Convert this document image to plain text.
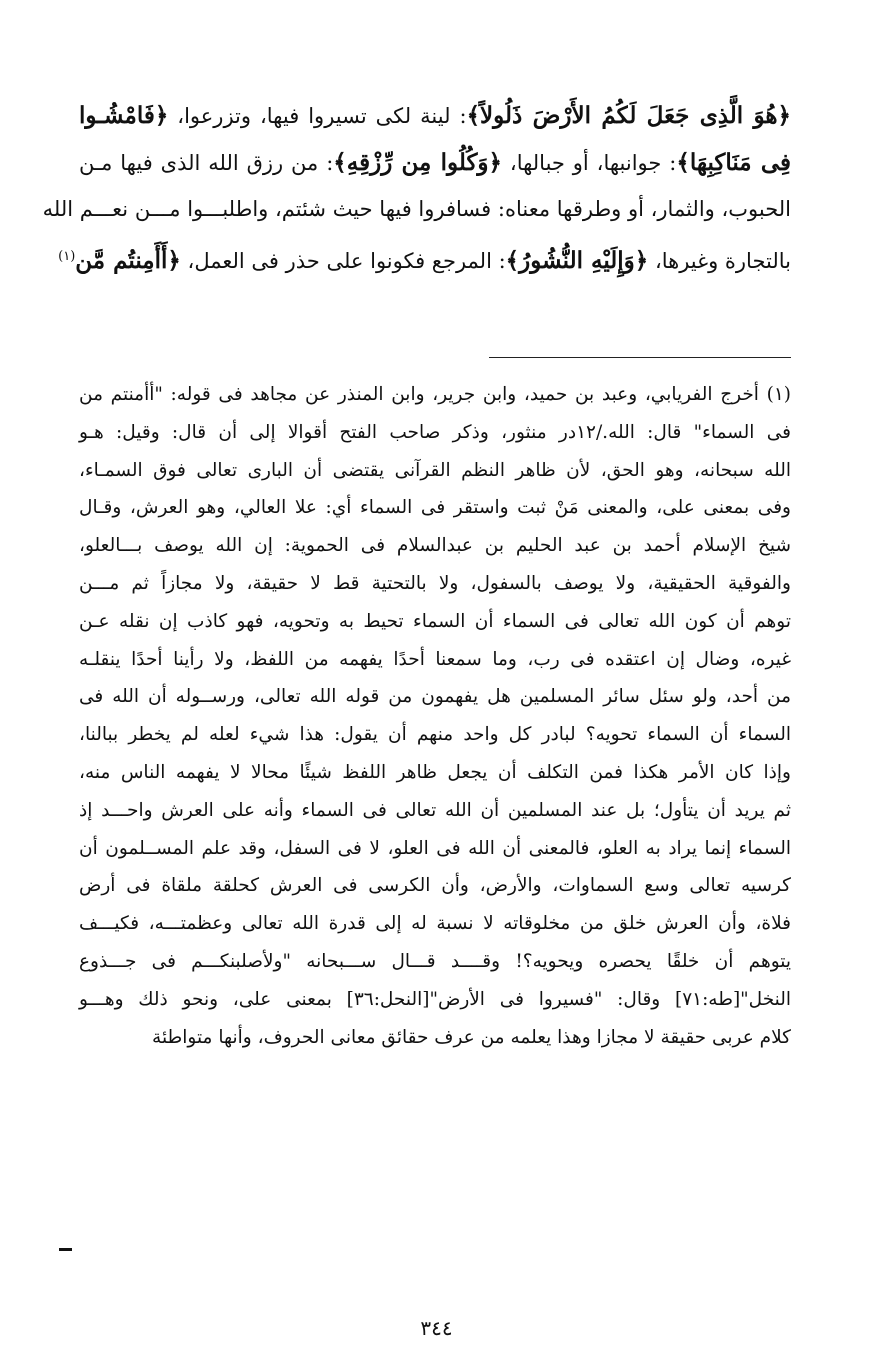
﴿هُوَ الَّذِى جَعَلَ لَكُمُ الأَرْضَ ذَلُولاً﴾: لينة لكى تسيروا فيها، وتزرعوا، ﴿فَامْشُـوا
فِى مَنَاكِبِهَا﴾: جوانبها، أو جبالها، ﴿وَكُلُوا مِن رِّزْقِهِ﴾: من رزق الله الذى فيها مـن
الحبوب، والثمار، أو وطرقها معناه: فسافروا فيها حيث شئتم، واطلبـــوا مـــن نعـــم الله
بالتجارة وغيرها، ﴿وَإِلَيْهِ النُّشُورُ﴾: المرجع فكونوا على حذر فى العمل، ﴿أَأَمِنتُم مَّن$^{(١)}$
(١) أخرج الفريابي، وعبد بن حميد، وابن جرير، وابن المنذر عن مجاهد فى قوله: "أأمنتم من
فى السماء" قال: الله./١٢در منثور، وذكر صاحب الفتح أقوالا إلى أن قال: وقيل: هـو
الله سبحانه، وهو الحق، لأن ظاهر النظم القرآنى يقتضى أن البارى تعالى فوق السمـاء،
وفى بمعنى على، والمعنى مَنْ ثبت واستقر فى السماء أي: علا العالي، وهو العرش، وقـال
شيخ الإسلام أحمد بن عبد الحليم بن عبدالسلام فى الحموية: إن الله يوصف بـــالعلو،
والفوقية الحقيقية، ولا يوصف بالسفول، ولا بالتحتية قط لا حقيقة، ولا مجازاً ثم مـــن
توهم أن كون الله تعالى فى السماء أن السماء تحيط به وتحويه، فهو كاذب إن نقله عـن
غيره، وضال إن اعتقده فى رب، وما سمعنا أحدًا يفهمه من اللفظ، ولا رأينا أحدًا ينقلـه
من أحد، ولو سئل سائر المسلمين هل يفهمون من قوله الله تعالى، ورســوله أن الله فى
السماء أن السماء تحويه؟ لبادر كل واحد منهم أن يقول: هذا شيء لعله لم يخطر ببالنا،
وإذا كان الأمر هكذا فمن التكلف أن يجعل ظاهر اللفظ شيئًا محالا لا يفهمه الناس منه،
ثم يريد أن يتأول؛ بل عند المسلمين أن الله تعالى فى السماء وأنه على العرش واحـــد إذ
السماء إنما يراد به العلو، فالمعنى أن الله فى العلو، لا فى السفل، وقد علم المســلمون أن
كرسيه تعالى وسع السماوات، والأرض، وأن الكرسى فى العرش كحلقة ملقاة فى أرض
فلاة، وأن العرش خلق من مخلوقاته لا نسبة له إلى قدرة الله تعالى وعظمتـــه، فكيـــف
يتوهم أن خلقًا يحصره ويحويه؟! وقــــد قـــال ســـبحانه "ولأصلبنكـــم فى جـــذوع
النخل"[طه:٧١] وقال: "فسيروا فى الأرض"[النحل:٣٦] بمعنى على، ونحو ذلك وهـــو
كلام عربى حقيقة لا مجازا وهذا يعلمه من عرف حقائق معانى الحروف، وأنها متواطئة
٣٤٤
